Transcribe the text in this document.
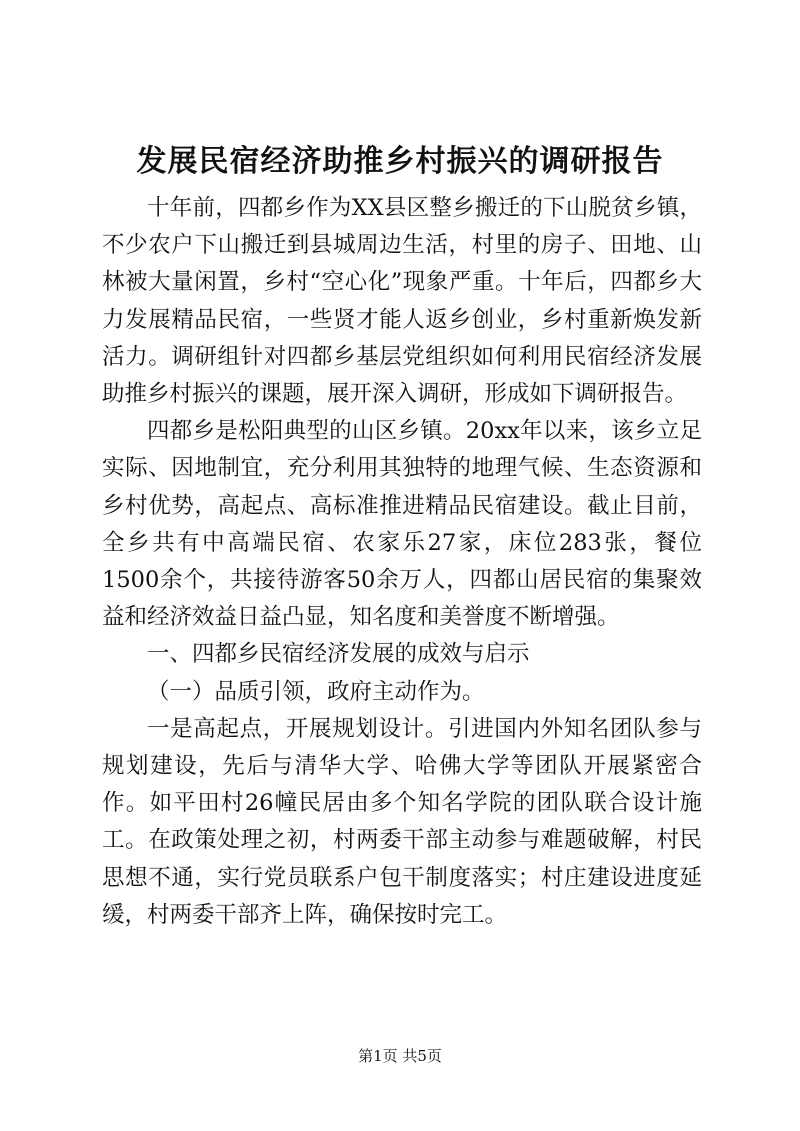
发展民宿经济助推乡村振兴的调研报告

十年前，四都乡作为XX县区整乡搬迁的下山脱贫乡镇，不少农户下山搬迁到县城周边生活，村里的房子、田地、山林被大量闲置，乡村“空心化”现象严重。十年后，四都乡大力发展精品民宿，一些贤才能人返乡创业，乡村重新焕发新活力。调研组针对四都乡基层党组织如何利用民宿经济发展助推乡村振兴的课题，展开深入调研，形成如下调研报告。

四都乡是松阳典型的山区乡镇。20xx年以来，该乡立足实际、因地制宜，充分利用其独特的地理气候、生态资源和乡村优势，高起点、高标准推进精品民宿建设。截止目前，全乡共有中高端民宿、农家乐27家，床位283张，餐位1500余个，共接待游客50余万人，四都山居民宿的集聚效益和经济效益日益凸显，知名度和美誉度不断增强。

一、四都乡民宿经济发展的成效与启示

（一）品质引领，政府主动作为。

一是高起点，开展规划设计。引进国内外知名团队参与规划建设，先后与清华大学、哈佛大学等团队开展紧密合作。如平田村26幢民居由多个知名学院的团队联合设计施工。在政策处理之初，村两委干部主动参与难题破解，村民思想不通，实行党员联系户包干制度落实；村庄建设进度延缓，村两委干部齐上阵，确保按时完工。

第1页 共5页
